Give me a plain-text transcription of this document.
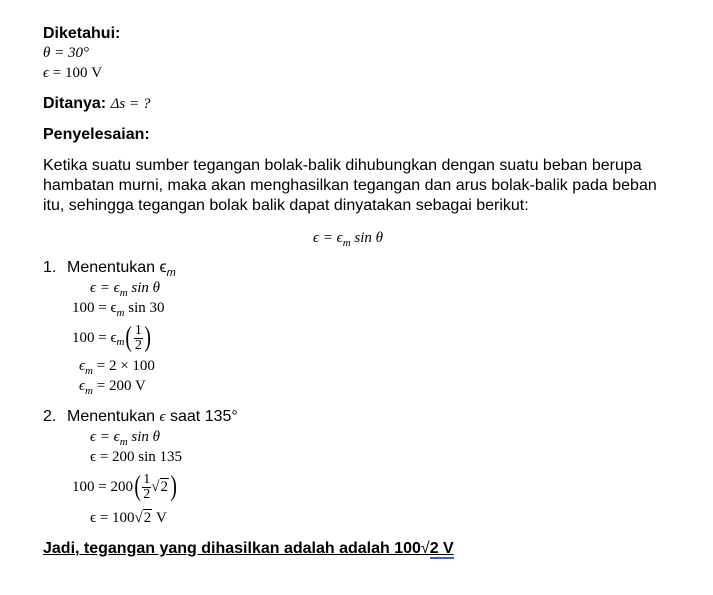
Diketahui:
θ = 30°
ϵ = 100 V
Ditanya: Δs = ?
Penyelesaian:
Ketika suatu sumber tegangan bolak-balik dihubungkan dengan suatu beban berupa
hambatan murni, maka akan menghasilkan tegangan dan arus bolak-balik pada beban
itu, sehingga tegangan bolak balik dapat dinyatakan sebagai berikut:
$\epsilon = \epsilon_m$ sin θ
1. Menentukan $\epsilon_m$
$\epsilon = \epsilon_m$ sin θ
$100 = \epsilon_m$ sin 30
100 = ϵ m ( $\frac{1}{2}$ )
$\epsilon_m = 2 \times 100$
$\epsilon_m = 200$ V
2. Menentukan ϵ saat 135°
$\epsilon = \epsilon_m$ sin θ
ϵ = 200 sin 135
100 = 200 ( $\frac{1}{2} √2$ )
ϵ = 100√2 V
Jadi, tegangan yang dihasilkan adalah adalah 100√2 V
